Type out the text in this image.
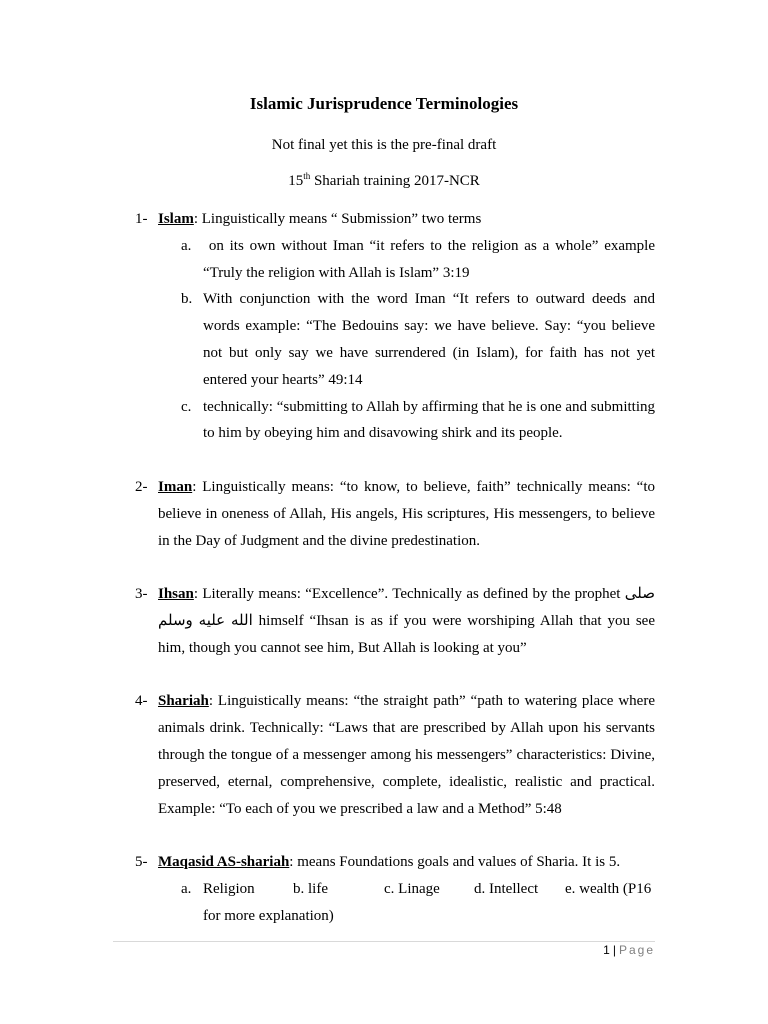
Islamic Jurisprudence Terminologies
Not final yet this is the pre-final draft
15th Shariah training 2017-NCR
1- Islam: Linguistically means “ Submission” two terms
a.	on its own without Iman “it refers to the religion as a whole” example “Truly the religion with Allah is Islam” 3:19
b. With conjunction with the word Iman “It refers to outward deeds and words example: “The Bedouins say: we have believe. Say: “you believe not but only say we have surrendered (in Islam), for faith has not yet entered your hearts” 49:14
c. technically: “submitting to Allah by affirming that he is one and submitting to him by obeying him and disavowing shirk and its people.
2- Iman: Linguistically means: “to know, to believe, faith” technically means: “to believe in oneness of Allah, His angels, His scriptures, His messengers, to believe in the Day of Judgment and the divine predestination.
3- Ihsan: Literally means: “Excellence”. Technically as defined by the prophet صلى الله عليه وسلم himself “Ihsan is as if you were worshiping Allah that you see him, though you cannot see him, But Allah is looking at you”
4- Shariah: Linguistically means: “the straight path” “path to watering place where animals drink. Technically: “Laws that are prescribed by Allah upon his servants through the tongue of a messenger among his messengers” characteristics: Divine, preserved, eternal, comprehensive, complete, idealistic, realistic and practical. Example: “To each of you we prescribed a law and a Method” 5:48
5- Maqasid AS-shariah: means Foundations goals and values of Sharia. It is 5.
a. Religion	b. life	c. Linage d. Intellect e. wealth (P16
for more explanation)
1 | Page
